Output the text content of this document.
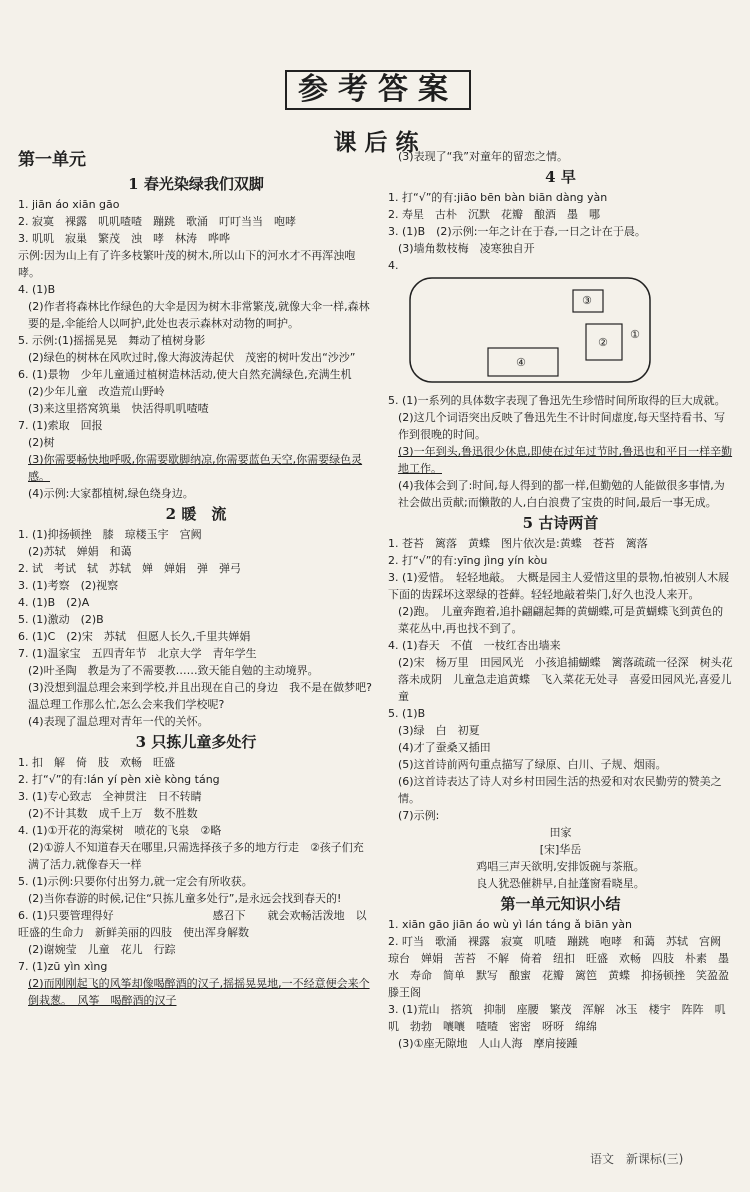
参考答案
课后练
第一单元
1 春光染绿我们双脚
1. jiān áo xiān gāo
2. 寂寞　裸露　叽叽喳喳　蹦跳　歌涌　叮叮当当　咆哮
3. 叽叽　寂巢　繁茂　浊　哮　林涛　哗哗
示例:因为山上有了许多枝繁叶茂的树木,所以山下的河水才不再浑浊咆哮。
4. (1)B
(2)作者将森林比作绿色的大伞是因为树木非常繁茂,就像大伞一样,森林要的是,伞能给人以呵护,此处也表示森林对动物的呵护。
5. 示例:(1)摇摇晃晃　舞动了植树身影
(2)绿色的树林在风吹过时,像大海波涛起伏　茂密的树叶发出“沙沙”
6. (1)景物　少年儿童通过植树造林活动,使大自然充满绿色,充满生机
(2)少年儿童　改造荒山野岭
(3)来这里搭窝筑巢　快活得叽叽喳喳
7. (1)索取　回报
(2)树
(3)你需要畅快地呼吸,你需要歇脚纳凉,你需要蓝色天空,你需要绿色灵感。
(4)示例:大家都植树,绿色绕身边。
2 暖　流
1. (1)抑扬顿挫　膝　琼楼玉宇　宫阙
(2)苏轼　婵娟　和蔼
2. 试　考试　轼　苏轼　婵　婵娟　弹　弹弓
3. (1)考察　(2)视察
4. (1)B　(2)A
5. (1)激动　(2)B
6. (1)C　(2)宋　苏轼　但愿人长久,千里共婵娟
7. (1)温家宝　五四青年节　北京大学　青年学生
(2)叶圣陶　教是为了不需要教……致天能自勉的主动境界。
(3)没想到温总理会来到学校,并且出现在自己的身边　我不是在做梦吧?温总理工作那么忙,怎么会来我们学校呢?
(4)表现了温总理对青年一代的关怀。
3 只拣儿童多处行
1. 扣　解　倚　肢　欢畅　旺盛
2. 打“√”的有:lán yí pèn xiè kòng táng
3. (1)专心致志　全神贯注　日不转睛
(2)不计其数　成千上万　数不胜数
4. (1)①开花的海棠树　喷花的飞泉　②略
(2)①游人不知道春天在哪里,只需选择孩子多的地方行走　②孩子们充满了活力,就像春天一样
5. (1)示例:只要你付出努力,就一定会有所收获。
(2)当你春游的时候,记住“只拣儿童多处行”,是永远会找到春天的!
6. (1)只要管理得好　　　　　　　　　感召下　　就会欢畅活泼地　以旺盛的生命力　新鲜美丽的四肢　使出浑身解数
(2)谢婉莹　儿童　花儿　行踪
7. (1)zū yìn xìng
(2)而刚刚起飞的风筝却像喝醉酒的汉子,摇摇晃晃地,一不经意便会来个倒栽葱。　风筝　喝醉酒的汉子
(3)表现了“我”对童年的留恋之情。
4 早
1. 打“√”的有:jiāo bēn bàn biān dàng yàn
2. 寿星　古朴　沉默　花瓣　酿酒　墨　哪
3. (1)B　(2)示例:一年之计在于春,一日之计在于晨。
(3)墙角数枝梅　凌寒独自开
4.
③
②
①
④
5. (1)一系列的具体数字表现了鲁迅先生珍惜时间所取得的巨大成就。
(2)这几个词语突出反映了鲁迅先生不计时间虚度,每天坚持看书、写作到很晚的时间。
(3)一年到头,鲁迅很少休息,即使在过年过节时,鲁迅也和平日一样辛勤地工作。
(4)我体会到了:时间,每人得到的都一样,但勤勉的人能做很多事情,为社会做出贡献;而懒散的人,白白浪费了宝贵的时间,最后一事无成。
5 古诗两首
1. 苍苔　篱落　黄蝶　图片依次是:黄蝶　苍苔　篱落
2. 打“√”的有:yīng jìng yín kòu
3. (1)爱惜。　轻轻地敲。　大概是园主人爱惜这里的景物,怕被别人木屐下面的齿踩坏这翠绿的苍藓。轻轻地敲着柴门,好久也没人来开。
(2)跑。　儿童奔跑着,追扑翩翩起舞的黄蝴蝶,可是黄蝴蝶飞到黄色的菜花丛中,再也找不到了。
4. (1)春天　不值　一枝红杏出墙来
(2)宋　杨万里　田园风光　小孩追捕蝴蝶　篱落疏疏一径深　树头花落未成阴　儿童急走追黄蝶　飞入菜花无处寻　喜爱田园风光,喜爱儿童
5. (1)B
(3)绿　白　初夏
(4)才了蚕桑又插田
(5)这首诗前两句重点描写了绿原、白川、子规、烟雨。
(6)这首诗表达了诗人对乡村田园生活的热爱和对农民勤劳的赞美之情。
(7)示例:
田家
[宋]华岳
鸡唱三声天欲明,安排饭碗与茶瓶。
良人犹恐催耕早,自扯蓬窗看晓星。
第一单元知识小结
1. xiān gāo jiān áo wù yì lán táng ǎ biān yàn
2. 叮当　歌涌　裸露　寂寞　叽喳　蹦跳　咆哮　和蔼　苏轼　宫阙　琼台　婵娟　苦苔　不解　倚着　纽扣　旺盛　欢畅　四肢　朴素　墨水　寿命　简单　默写　酿蜜　花瓣　篱笆　黄蝶　抑扬顿挫　笑盈盈　滕王阁
3. (1)荒山　搭筑　抑制　座腰　繁茂　浑解　冰玉　楼宇　阵阵　叽叽　勃勃　嚷嚷　喳喳　密密　呀呀　绵绵
(3)①座无隙地　人山人海　摩肩接踵
语文　新课标(三)
